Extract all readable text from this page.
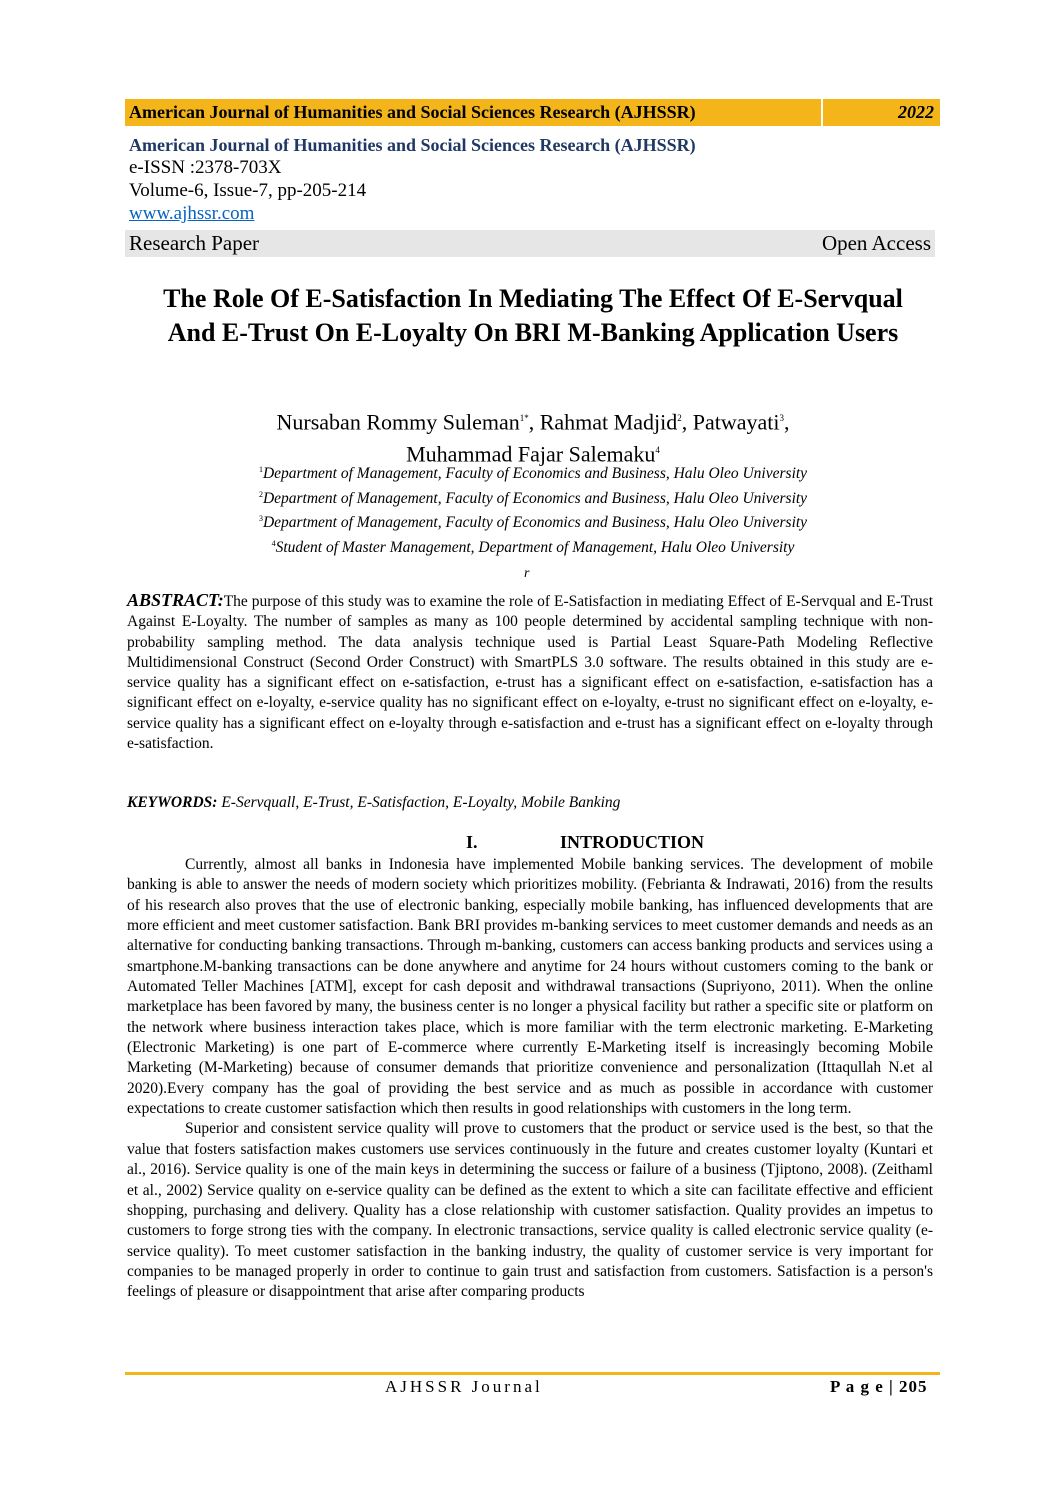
American Journal of Humanities and Social Sciences Research (AJHSSR)	2022
American Journal of Humanities and Social Sciences Research (AJHSSR)
e-ISSN :2378-703X
Volume-6, Issue-7, pp-205-214
www.ajhssr.com
Research Paper	Open Access
The Role Of E-Satisfaction In Mediating The Effect Of E-Servqual And E-Trust On E-Loyalty On BRI M-Banking Application Users
Nursaban Rommy Suleman$^{1*}$, Rahmat Madjid$^2$, Patwayati$^3$,
Muhammad Fajar Salemaku$^4$
$^1$Department of Management, Faculty of Economics and Business, Halu Oleo University
$^2$Department of Management, Faculty of Economics and Business, Halu Oleo University
$^3$Department of Management, Faculty of Economics and Business, Halu Oleo University
$^4$Student of Master Management, Department of Management, Halu Oleo University
r
ABSTRACT:The purpose of this study was to examine the role of E-Satisfaction in mediating Effect of E-Servqual and E-Trust Against E-Loyalty. The number of samples as many as 100 people determined by accidental sampling technique with non-probability sampling method. The data analysis technique used is Partial Least Square-Path Modeling Reflective Multidimensional Construct (Second Order Construct) with SmartPLS 3.0 software. The results obtained in this study are e-service quality has a significant effect on e-satisfaction, e-trust has a significant effect on e-satisfaction, e-satisfaction has a significant effect on e-loyalty, e-service quality has no significant effect on e-loyalty, e-trust no significant effect on e-loyalty, e-service quality has a significant effect on e-loyalty through e-satisfaction and e-trust has a significant effect on e-loyalty through e-satisfaction.
KEYWORDS: E-Servquall, E-Trust, E-Satisfaction, E-Loyalty, Mobile Banking
I.	INTRODUCTION

Currently, almost all banks in Indonesia have implemented Mobile banking services. The development of mobile banking is able to answer the needs of modern society which prioritizes mobility. (Febrianta & Indrawati, 2016) from the results of his research also proves that the use of electronic banking, especially mobile banking, has influenced developments that are more efficient and meet customer satisfaction. Bank BRI provides m-banking services to meet customer demands and needs as an alternative for conducting banking transactions. Through m-banking, customers can access banking products and services using a smartphone.M-banking transactions can be done anywhere and anytime for 24 hours without customers coming to the bank or Automated Teller Machines [ATM], except for cash deposit and withdrawal transactions (Supriyono, 2011). When the online marketplace has been favored by many, the business center is no longer a physical facility but rather a specific site or platform on the network where business interaction takes place, which is more familiar with the term electronic marketing. E-Marketing (Electronic Marketing) is one part of E-commerce where currently E-Marketing itself is increasingly becoming Mobile Marketing (M-Marketing) because of consumer demands that prioritize convenience and personalization (Ittaqullah N.et al 2020).Every company has the goal of providing the best service and as much as possible in accordance with customer expectations to create customer satisfaction which then results in good relationships with customers in the long term.

Superior and consistent service quality will prove to customers that the product or service used is the best, so that the value that fosters satisfaction makes customers use services continuously in the future and creates customer loyalty (Kuntari et al., 2016). Service quality is one of the main keys in determining the success or failure of a business (Tjiptono, 2008). (Zeithaml et al., 2002) Service quality on e-service quality can be defined as the extent to which a site can facilitate effective and efficient shopping, purchasing and delivery. Quality has a close relationship with customer satisfaction. Quality provides an impetus to customers to forge strong ties with the company. In electronic transactions, service quality is called electronic service quality (e-service quality). To meet customer satisfaction in the banking industry, the quality of customer service is very important for companies to be managed properly in order to continue to gain trust and satisfaction from customers. Satisfaction is a person's feelings of pleasure or disappointment that arise after comparing products

AJHSSR Journal	P a g e | 205
